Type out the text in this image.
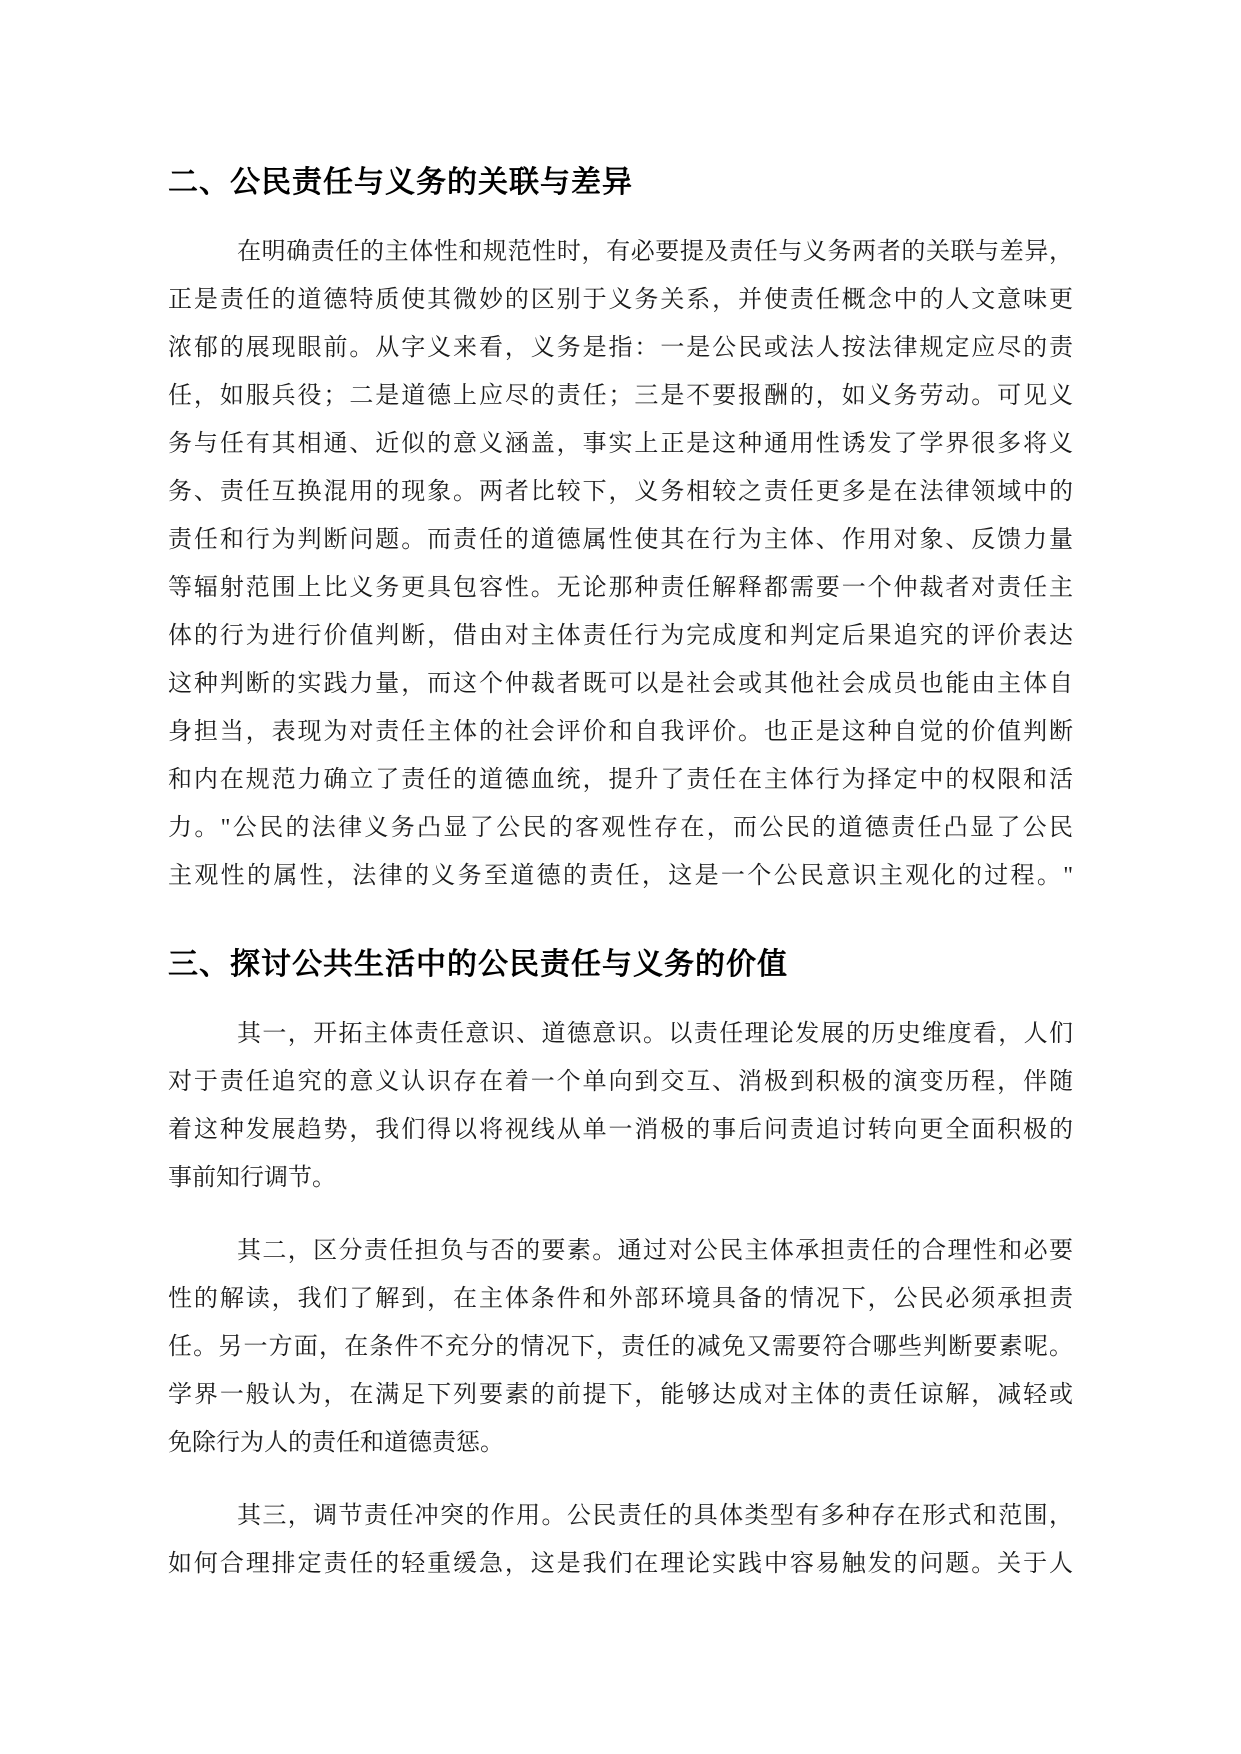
二、公民责任与义务的关联与差异
在明确责任的主体性和规范性时，有必要提及责任与义务两者的关联与差异，
正是责任的道德特质使其微妙的区别于义务关系，并使责任概念中的人文意味更
浓郁的展现眼前。从字义来看，义务是指：一是公民或法人按法律规定应尽的责
任，如服兵役；二是道德上应尽的责任；三是不要报酬的，如义务劳动。可见义
务与任有其相通、近似的意义涵盖，事实上正是这种通用性诱发了学界很多将义
务、责任互换混用的现象。两者比较下，义务相较之责任更多是在法律领域中的
责任和行为判断问题。而责任的道德属性使其在行为主体、作用对象、反馈力量
等辐射范围上比义务更具包容性。无论那种责任解释都需要一个仲裁者对责任主
体的行为进行价值判断，借由对主体责任行为完成度和判定后果追究的评价表达
这种判断的实践力量，而这个仲裁者既可以是社会或其他社会成员也能由主体自
身担当，表现为对责任主体的社会评价和自我评价。也正是这种自觉的价值判断
和内在规范力确立了责任的道德血统，提升了责任在主体行为择定中的权限和活
力。"公民的法律义务凸显了公民的客观性存在，而公民的道德责任凸显了公民
主观性的属性，法律的义务至道德的责任，这是一个公民意识主观化的过程。"
三、探讨公共生活中的公民责任与义务的价值
其一，开拓主体责任意识、道德意识。以责任理论发展的历史维度看，人们
对于责任追究的意义认识存在着一个单向到交互、消极到积极的演变历程，伴随
着这种发展趋势，我们得以将视线从单一消极的事后问责追讨转向更全面积极的
事前知行调节。
其二，区分责任担负与否的要素。通过对公民主体承担责任的合理性和必要
性的解读，我们了解到，在主体条件和外部环境具备的情况下，公民必须承担责
任。另一方面，在条件不充分的情况下，责任的减免又需要符合哪些判断要素呢。
学界一般认为，在满足下列要素的前提下，能够达成对主体的责任谅解，减轻或
免除行为人的责任和道德责惩。
其三，调节责任冲突的作用。公民责任的具体类型有多种存在形式和范围，
如何合理排定责任的轻重缓急，这是我们在理论实践中容易触发的问题。关于人
